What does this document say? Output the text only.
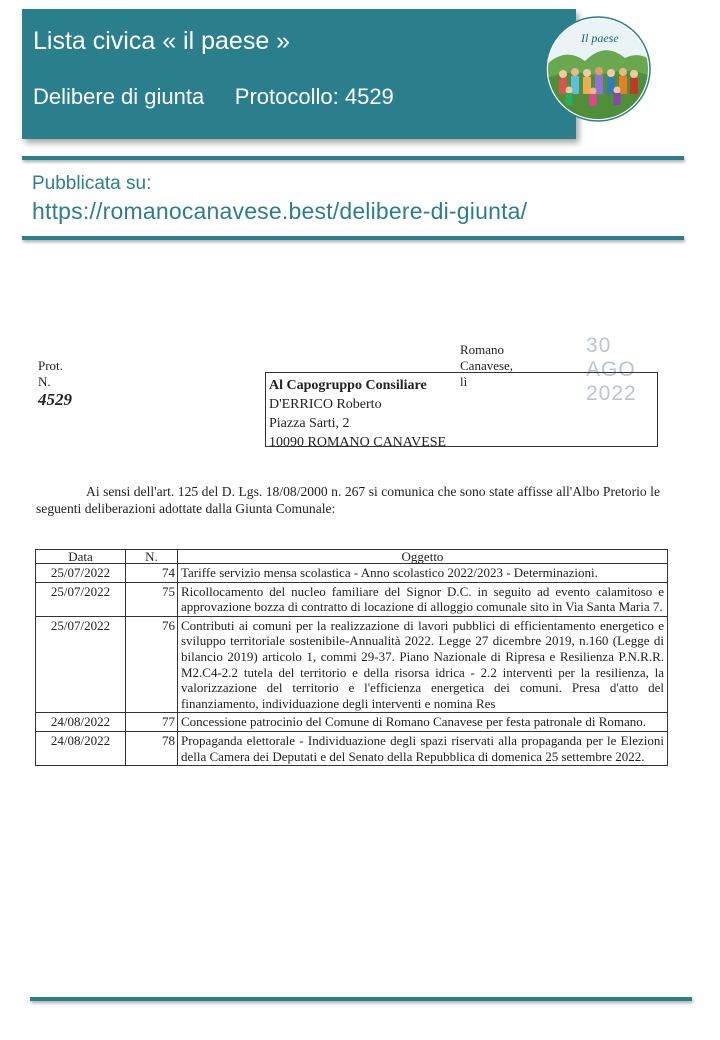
Lista civica « il paese »
Delibere di giunta Protocollo: 4529
Il paese
Pubblicata su:
https://romanocanavese.best/delibere-di-giunta/
Prot. N. 4529
Romano Canavese, lì
30 AGO 2022
Al Capogruppo Consiliare
D'ERRICO Roberto
Piazza Sarti, 2
10090 ROMANO CANAVESE
Ai sensi dell'art. 125 del D. Lgs. 18/08/2000 n. 267 si comunica che sono state affisse all'Albo Pretorio le seguenti deliberazioni adottate dalla Giunta Comunale:
Data	N.	Oggetto
25/07/2022	74	Tariffe servizio mensa scolastica - Anno scolastico 2022/2023 - Determinazioni.
25/07/2022	75	Ricollocamento del nucleo familiare del Signor D.C. in seguito ad evento calamitoso e approvazione bozza di contratto di locazione di alloggio comunale sito in Via Santa Maria 7.
25/07/2022	76	Contributi ai comuni per la realizzazione di lavori pubblici di efficientamento energetico e sviluppo territoriale sostenibile-Annualità 2022. Legge 27 dicembre 2019, n.160 (Legge di bilancio 2019) articolo 1, commi 29-37. Piano Nazionale di Ripresa e Resilienza P.N.R.R. M2.C4-2.2 tutela del territorio e della risorsa idrica - 2.2 interventi per la resilienza, la valorizzazione del territorio e l'efficienza energetica dei comuni. Presa d'atto del finanziamento, individuazione degli interventi e nomina Res
24/08/2022	77	Concessione patrocinio del Comune di Romano Canavese per festa patronale di Romano.
24/08/2022	78	Propaganda elettorale - Individuazione degli spazi riservati alla propaganda per le Elezioni della Camera dei Deputati e del Senato della Repubblica di domenica 25 settembre 2022.
